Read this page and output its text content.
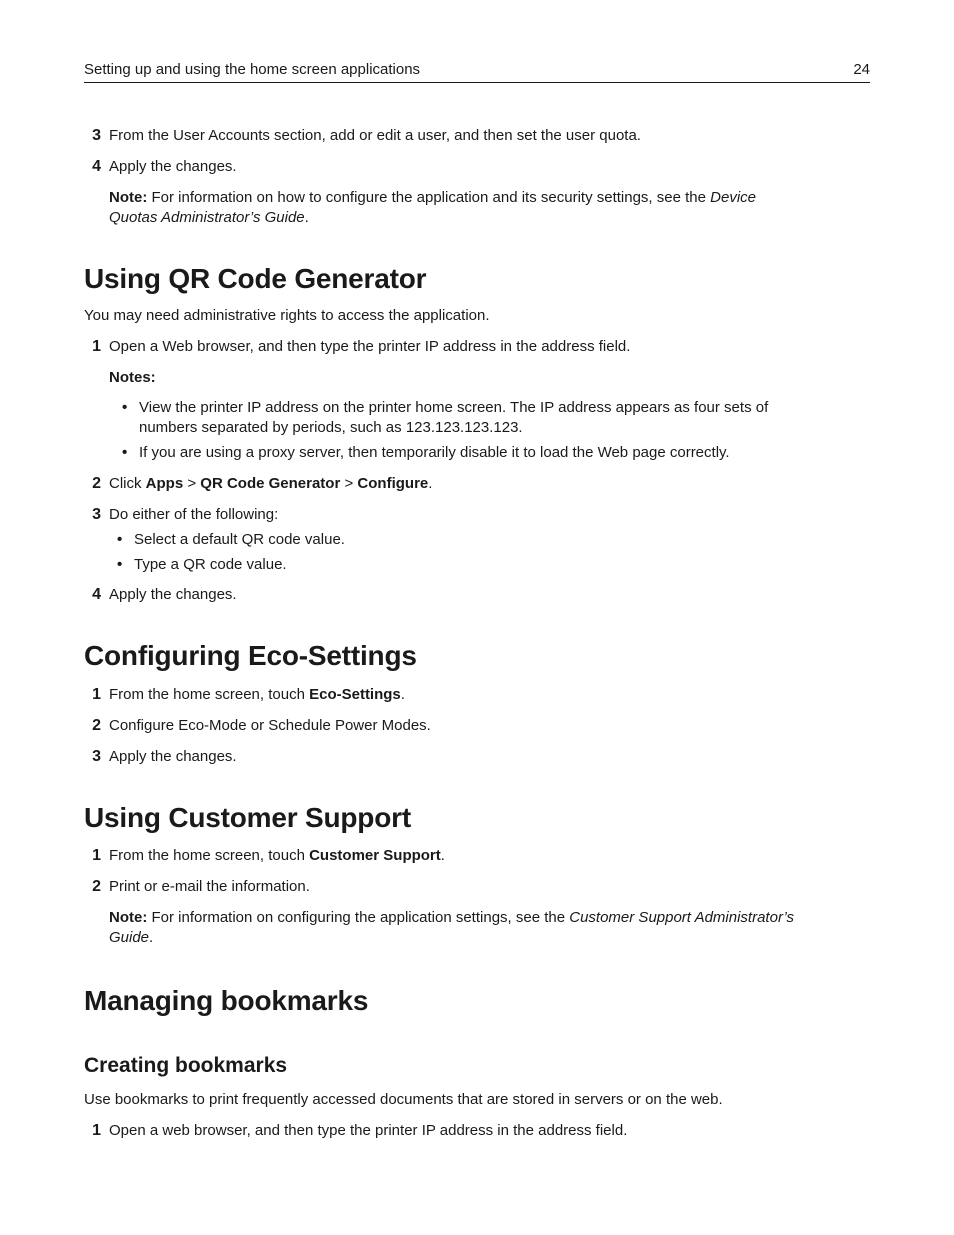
Setting up and using the home screen applications	24
3 From the User Accounts section, add or edit a user, and then set the user quota.
4 Apply the changes.
Note: For information on how to configure the application and its security settings, see the Device
Quotas Administrator’s Guide.
Using QR Code Generator
You may need administrative rights to access the application.
1 Open a Web browser, and then type the printer IP address in the address field.
Notes:
• View the printer IP address on the printer home screen. The IP address appears as four sets of
numbers separated by periods, such as 123.123.123.123.
• If you are using a proxy server, then temporarily disable it to load the Web page correctly.
2 Click Apps > QR Code Generator > Configure.
3 Do either of the following:
• Select a default QR code value.
• Type a QR code value.
4 Apply the changes.
Configuring Eco-Settings
1 From the home screen, touch Eco-Settings.
2 Configure Eco-Mode or Schedule Power Modes.
3 Apply the changes.
Using Customer Support
1 From the home screen, touch Customer Support.
2 Print or e-mail the information.
Note: For information on configuring the application settings, see the Customer Support Administrator’s
Guide.
Managing bookmarks
Creating bookmarks
Use bookmarks to print frequently accessed documents that are stored in servers or on the web.
1 Open a web browser, and then type the printer IP address in the address field.
